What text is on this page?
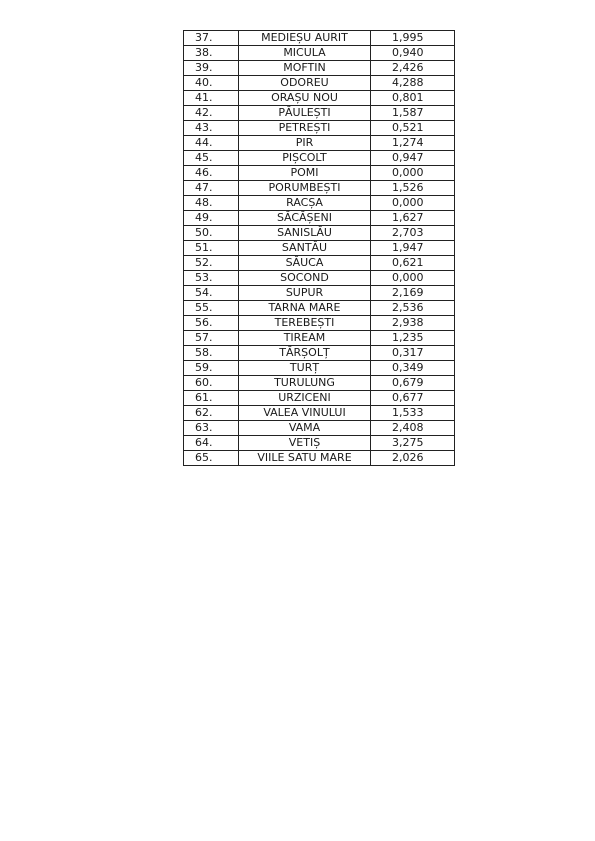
37.	MEDIEȘU AURIT	1,995
38.	MICULA	0,940
39.	MOFTIN	2,426
40.	ODOREU	4,288
41.	ORAȘU NOU	0,801
42.	PĂULEȘTI	1,587
43.	PETREȘTI	0,521
44.	PIR	1,274
45.	PIȘCOLT	0,947
46.	POMI	0,000
47.	PORUMBEȘTI	1,526
48.	RACȘA	0,000
49.	SĂCĂȘENI	1,627
50.	SANISLĂU	2,703
51.	SANTĂU	1,947
52.	SĂUCA	0,621
53.	SOCOND	0,000
54.	SUPUR	2,169
55.	TARNA MARE	2,536
56.	TEREBEȘTI	2,938
57.	TIREAM	1,235
58.	TĂRȘOLȚ	0,317
59.	TURȚ	0,349
60.	TURULUNG	0,679
61.	URZICENI	0,677
62.	VALEA VINULUI	1,533
63.	VAMA	2,408
64.	VETIȘ	3,275
65.	VIILE SATU MARE	2,026
